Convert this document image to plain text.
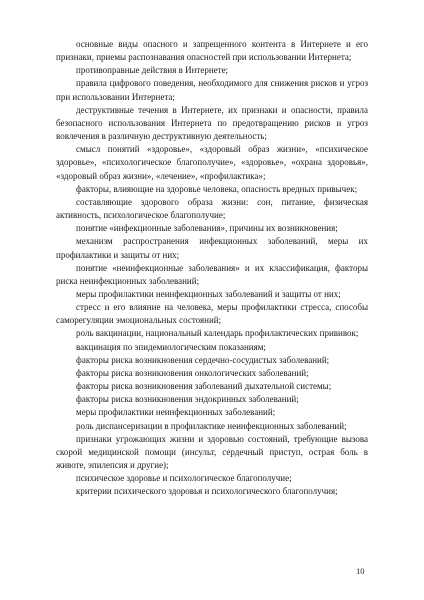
основные виды опасного и запрещенного контента в Интернете и его признаки, приемы распознавания опасностей при использовании Интернета;

противоправные действия в Интернете;

правила цифрового поведения, необходимого для снижения рисков и угроз при использовании Интернета;

деструктивные течения в Интернете, их признаки и опасности, правила безопасного использования Интернета по предотвращению рисков и угроз вовлечения в различную деструктивную деятельность;

смысл понятий «здоровье», «здоровый образ жизни», «психическое здоровье», «психологическое благополучие», «здоровье», «охрана здоровья», «здоровый образ жизни», «лечение», «профилактика»;

факторы, влияющие на здоровье человека, опасность вредных привычек;

составляющие здорового образа жизни: сон, питание, физическая активность, психологическое благополучие;

понятие «инфекционные заболевания», причины их возникновения;

механизм распространения инфекционных заболеваний, меры их профилактики и защиты от них;

понятие «неинфекционные заболевания» и их классификация, факторы риска неинфекционных заболеваний;

меры профилактики неинфекционных заболеваний и защиты от них;

стресс и его влияние на человека, меры профилактики стресса, способы саморегуляции эмоциональных состояний;

роль вакцинации, национальный календарь профилактических прививок;

вакцинация по эпидемиологическим показаниям;

факторы риска возникновения сердечно-сосудистых заболеваний;

факторы риска возникновения онкологических заболеваний;

факторы риска возникновения заболеваний дыхательной системы;

факторы риска возникновения эндокринных заболеваний;

меры профилактики неинфекционных заболеваний;

роль диспансеризации в профилактике неинфекционных заболеваний;

признаки угрожающих жизни и здоровью состояний, требующие вызова скорой медицинской помощи (инсульт, сердечный приступ, острая боль в животе, эпилепсия и другие);

психическое здоровье и психологическое благополучие;

критерии психического здоровья и психологического благополучия;

10
